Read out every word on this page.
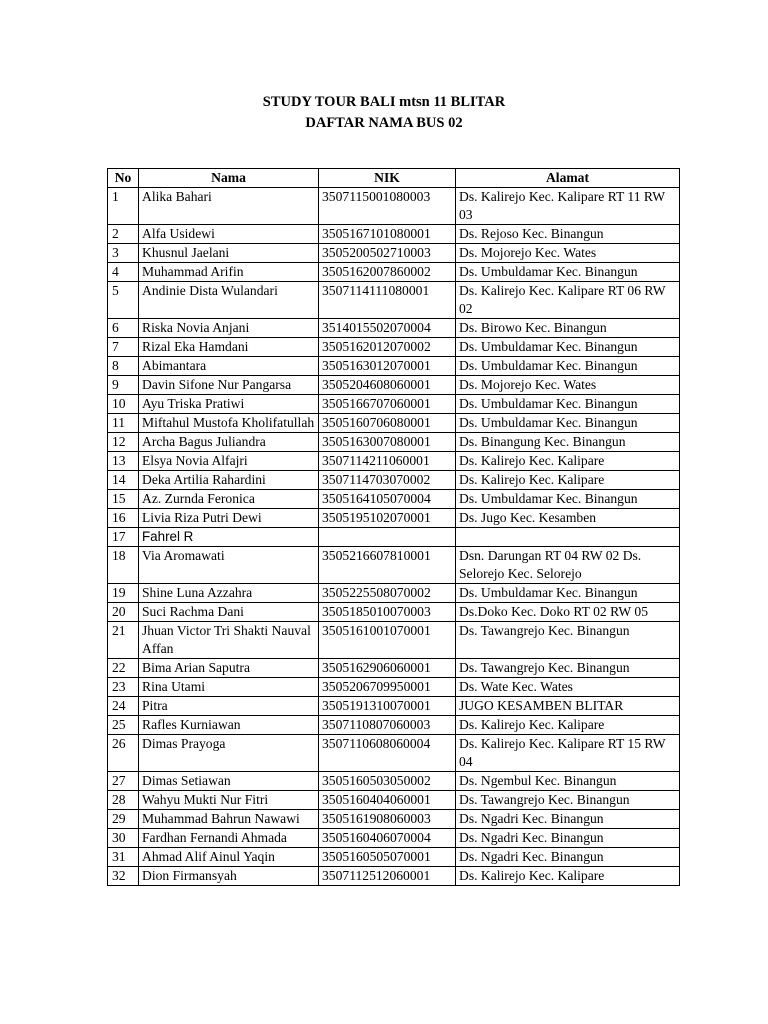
STUDY TOUR BALI mtsn 11 BLITAR
DAFTAR NAMA BUS 02
No	Nama	NIK	Alamat
1	Alika Bahari	3507115001080003	Ds. Kalirejo Kec. Kalipare RT 11 RW 03
2	Alfa Usidewi	3505167101080001	Ds. Rejoso Kec. Binangun
3	Khusnul Jaelani	3505200502710003	Ds. Mojorejo Kec. Wates
4	Muhammad Arifin	3505162007860002	Ds. Umbuldamar Kec. Binangun
5	Andinie Dista Wulandari	3507114111080001	Ds. Kalirejo Kec. Kalipare RT 06 RW 02
6	Riska Novia Anjani	3514015502070004	Ds. Birowo Kec. Binangun
7	Rizal Eka Hamdani	3505162012070002	Ds. Umbuldamar Kec. Binangun
8	Abimantara	3505163012070001	Ds. Umbuldamar Kec. Binangun
9	Davin Sifone Nur Pangarsa	3505204608060001	Ds. Mojorejo Kec. Wates
10	Ayu Triska Pratiwi	3505166707060001	Ds. Umbuldamar Kec. Binangun
11	Miftahul Mustofa Kholifatullah	3505160706080001	Ds. Umbuldamar Kec. Binangun
12	Archa Bagus Juliandra	3505163007080001	Ds. Binangung Kec. Binangun
13	Elsya Novia Alfajri	3507114211060001	Ds. Kalirejo Kec. Kalipare
14	Deka Artilia Rahardini	3507114703070002	Ds. Kalirejo Kec. Kalipare
15	Az. Zurnda Feronica	3505164105070004	Ds. Umbuldamar Kec. Binangun
16	Livia Riza Putri Dewi	3505195102070001	Ds. Jugo Kec. Kesamben
17	Fahrel R		
18	Via Aromawati	3505216607810001	Dsn. Darungan RT 04 RW 02 Ds. Selorejo Kec. Selorejo
19	Shine Luna Azzahra	3505225508070002	Ds. Umbuldamar Kec. Binangun
20	Suci Rachma Dani	3505185010070003	Ds.Doko Kec. Doko RT 02 RW 05
21	Jhuan Victor Tri Shakti Nauval Affan	3505161001070001	Ds. Tawangrejo Kec. Binangun
22	Bima Arian Saputra	3505162906060001	Ds. Tawangrejo Kec. Binangun
23	Rina Utami	3505206709950001	Ds. Wate Kec. Wates
24	Pitra	3505191310070001	JUGO KESAMBEN BLITAR
25	Rafles Kurniawan	3507110807060003	Ds. Kalirejo Kec. Kalipare
26	Dimas Prayoga	3507110608060004	Ds. Kalirejo Kec. Kalipare RT 15 RW 04
27	Dimas Setiawan	3505160503050002	Ds. Ngembul Kec. Binangun
28	Wahyu Mukti Nur Fitri	3505160404060001	Ds. Tawangrejo Kec. Binangun
29	Muhammad Bahrun Nawawi	3505161908060003	Ds. Ngadri Kec. Binangun
30	Fardhan Fernandi Ahmada	3505160406070004	Ds. Ngadri Kec. Binangun
31	Ahmad Alif Ainul Yaqin	3505160505070001	Ds. Ngadri Kec. Binangun
32	Dion Firmansyah	3507112512060001	Ds. Kalirejo Kec. Kalipare
